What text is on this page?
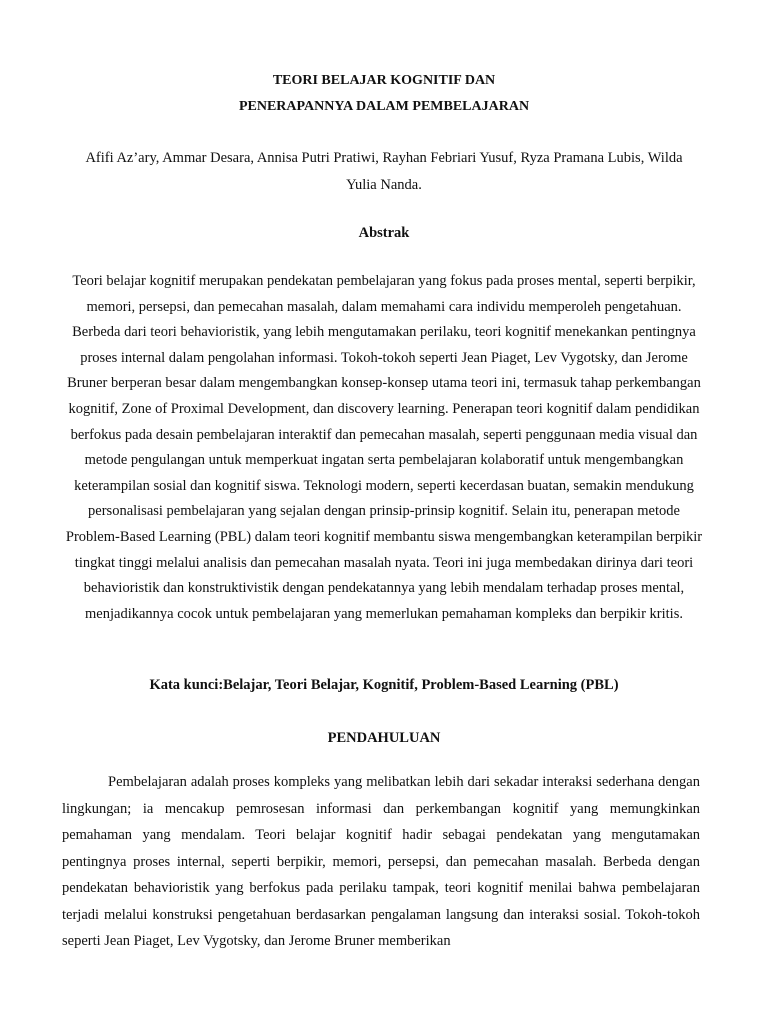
TEORI BELAJAR KOGNITIF DAN
PENERAPANNYA DALAM PEMBELAJARAN

Afifi Az’ary, Ammar Desara, Annisa Putri Pratiwi, Rayhan Febriari Yusuf, Ryza Pramana Lubis, Wilda Yulia Nanda.

Abstrak

Teori belajar kognitif merupakan pendekatan pembelajaran yang fokus pada proses mental, seperti berpikir, memori, persepsi, dan pemecahan masalah, dalam memahami cara individu memperoleh pengetahuan. Berbeda dari teori behavioristik, yang lebih mengutamakan perilaku, teori kognitif menekankan pentingnya proses internal dalam pengolahan informasi. Tokoh-tokoh seperti Jean Piaget, Lev Vygotsky, dan Jerome Bruner berperan besar dalam mengembangkan konsep-konsep utama teori ini, termasuk tahap perkembangan kognitif, Zone of Proximal Development, dan discovery learning. Penerapan teori kognitif dalam pendidikan berfokus pada desain pembelajaran interaktif dan pemecahan masalah, seperti penggunaan media visual dan metode pengulangan untuk memperkuat ingatan serta pembelajaran kolaboratif untuk mengembangkan keterampilan sosial dan kognitif siswa. Teknologi modern, seperti kecerdasan buatan, semakin mendukung personalisasi pembelajaran yang sejalan dengan prinsip-prinsip kognitif. Selain itu, penerapan metode Problem-Based Learning (PBL) dalam teori kognitif membantu siswa mengembangkan keterampilan berpikir tingkat tinggi melalui analisis dan pemecahan masalah nyata. Teori ini juga membedakan dirinya dari teori behavioristik dan konstruktivistik dengan pendekatannya yang lebih mendalam terhadap proses mental, menjadikannya cocok untuk pembelajaran yang memerlukan pemahaman kompleks dan berpikir kritis.

Kata kunci:Belajar, Teori Belajar, Kognitif, Problem-Based Learning (PBL)

PENDAHULUAN

Pembelajaran adalah proses kompleks yang melibatkan lebih dari sekadar interaksi sederhana dengan lingkungan; ia mencakup pemrosesan informasi dan perkembangan kognitif yang memungkinkan pemahaman yang mendalam. Teori belajar kognitif hadir sebagai pendekatan yang mengutamakan pentingnya proses internal, seperti berpikir, memori, persepsi, dan pemecahan masalah. Berbeda dengan pendekatan behavioristik yang berfokus pada perilaku tampak, teori kognitif menilai bahwa pembelajaran terjadi melalui konstruksi pengetahuan berdasarkan pengalaman langsung dan interaksi sosial. Tokoh-tokoh seperti Jean Piaget, Lev Vygotsky, dan Jerome Bruner memberikan
